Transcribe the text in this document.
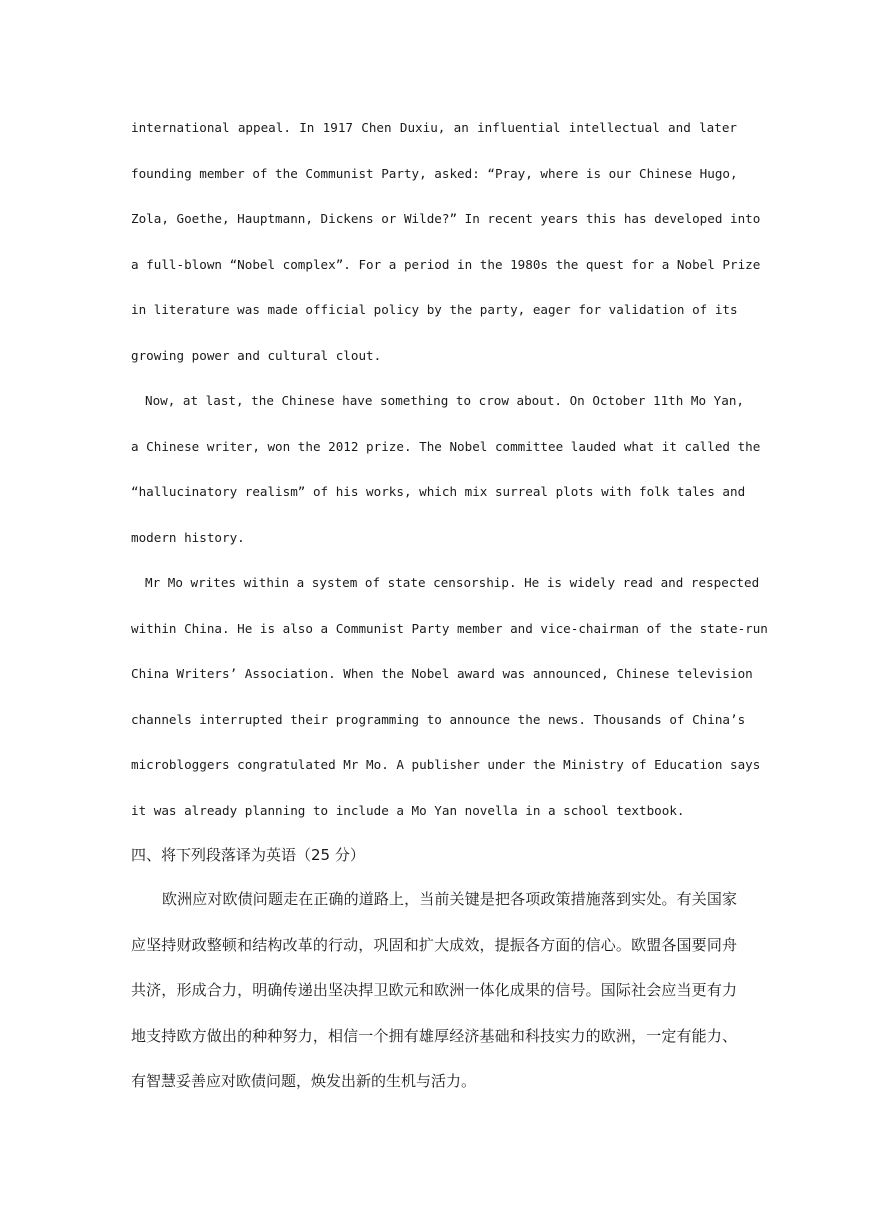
international appeal. In 1917 Chen Duxiu, an influential intellectual and later
founding member of the Communist Party, asked: “Pray, where is our Chinese Hugo,
Zola, Goethe, Hauptmann, Dickens or Wilde?” In recent years this has developed into
a full-blown “Nobel complex”. For a period in the 1980s the quest for a Nobel Prize
in literature was made official policy by the party, eager for validation of its
growing power and cultural clout.

Now, at last, the Chinese have something to crow about. On October 11th Mo Yan,
a Chinese writer, won the 2012 prize. The Nobel committee lauded what it called the
“hallucinatory realism” of his works, which mix surreal plots with folk tales and
modern history.

Mr Mo writes within a system of state censorship. He is widely read and respected
within China. He is also a Communist Party member and vice-chairman of the state-run
China Writers’ Association. When the Nobel award was announced, Chinese television
channels interrupted their programming to announce the news. Thousands of China’s
microbloggers congratulated Mr Mo. A publisher under the Ministry of Education says
it was already planning to include a Mo Yan novella in a school textbook.

四、将下列段落译为英语（25 分）

欧洲应对欧债问题走在正确的道路上，当前关键是把各项政策措施落到实处。有关国家
应坚持财政整顿和结构改革的行动，巩固和扩大成效，提振各方面的信心。欧盟各国要同舟
共济，形成合力，明确传递出坚决捍卫欧元和欧洲一体化成果的信号。国际社会应当更有力
地支持欧方做出的种种努力，相信一个拥有雄厚经济基础和科技实力的欧洲，一定有能力、
有智慧妥善应对欧债问题，焕发出新的生机与活力。
